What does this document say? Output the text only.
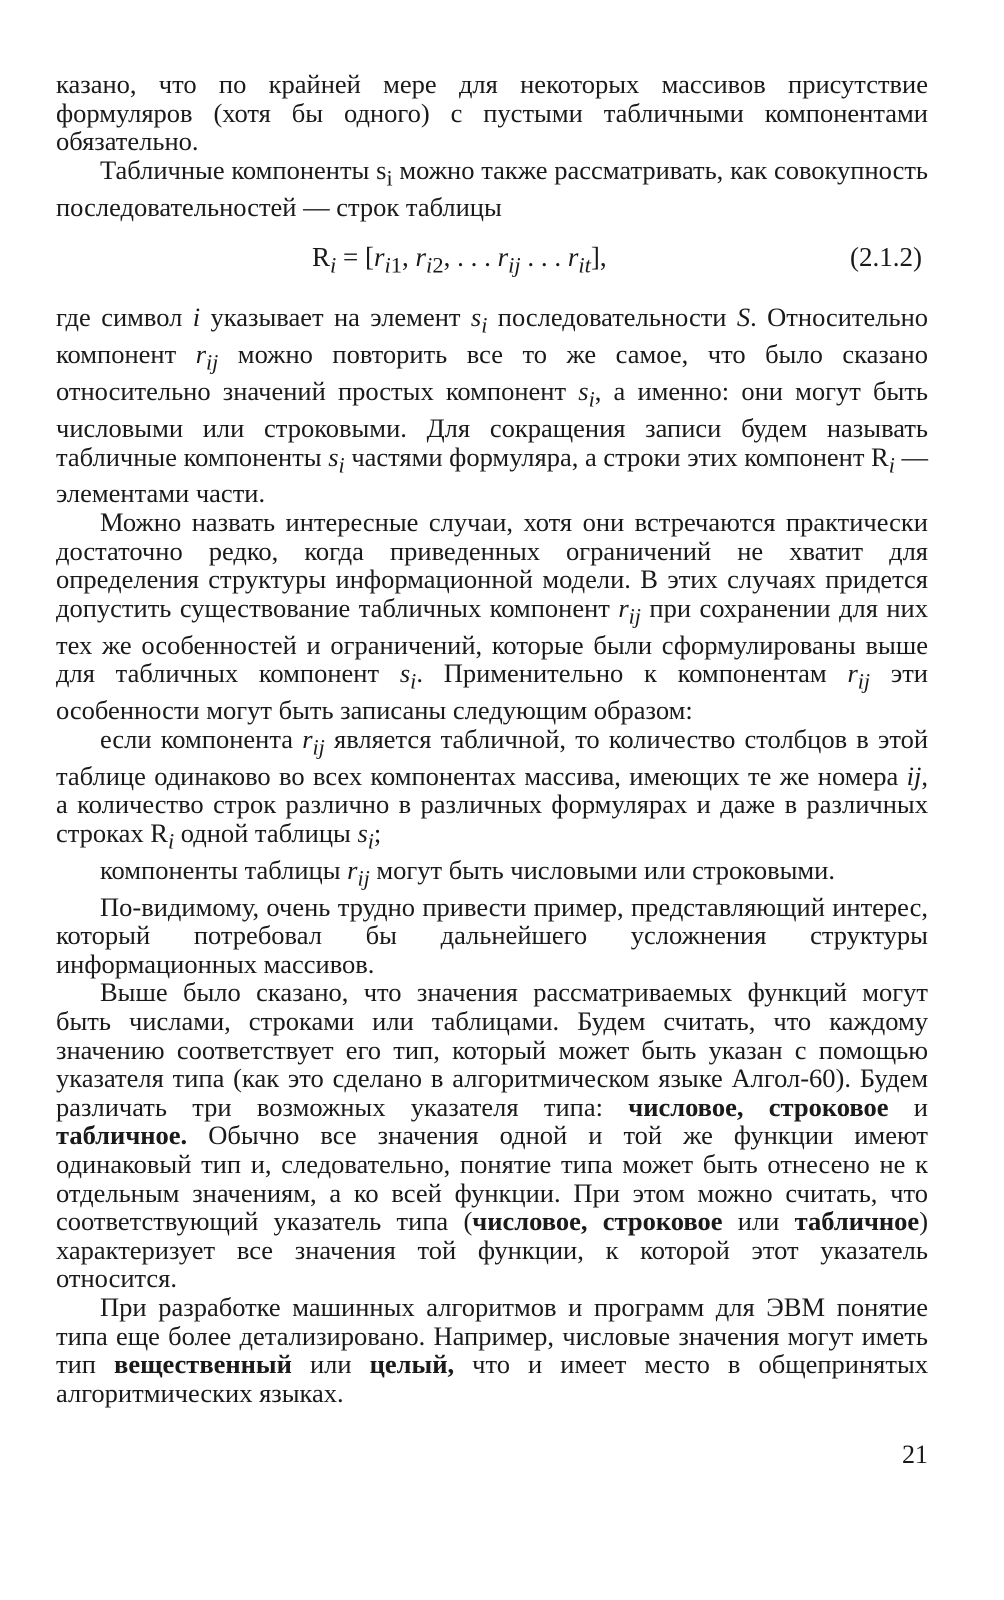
казано, что по крайней мере для некоторых массивов присутствие формуляров (хотя бы одного) с пустыми табличными компонентами обязательно.

Табличные компоненты $s_i$ можно также рассматривать, как совокупность последовательностей — строк таблицы

$R_i = [r_{i1}$, $r_{i2}$, . . . $r_{ij}$ . . . $r_{it}$],	(2.1.2)

где символ i указывает на элемент $s_i$ последовательности S. Относительно компонент $r_{ij}$ можно повторить все то же самое, что было сказано относительно значений простых компонент $s_i$, а именно: они могут быть числовыми или строковыми. Для сокращения записи будем называть табличные компоненты $s_i$ частями формуляра, а строки этих компонент $R_i$ — элементами части.

Можно назвать интересные случаи, хотя они встречаются практически достаточно редко, когда приведенных ограничений не хватит для определения структуры информационной модели. В этих случаях придется допустить существование табличных компонент $r_{ij}$ при сохранении для них тех же особенностей и ограничений, которые были сформулированы выше для табличных компонент $s_i$. Применительно к компонентам $r_{ij}$ эти особенности могут быть записаны следующим образом:

если компонента $r_{ij}$ является табличной, то количество столбцов в этой таблице одинаково во всех компонентах массива, имеющих те же номера ij, а количество строк различно в различных формулярах и даже в различных строках $R_i$ одной таблицы $s_i$;

компоненты таблицы $r_{ij}$ могут быть числовыми или строковыми.

По-видимому, очень трудно привести пример, представляющий интерес, который потребовал бы дальнейшего усложнения структуры информационных массивов.

Выше было сказано, что значения рассматриваемых функций могут быть числами, строками или таблицами. Будем считать, что каждому значению соответствует его тип, который может быть указан с помощью указателя типа (как это сделано в алгоритмическом языке Алгол-60). Будем различать три возможных указателя типа: числовое, строковое и табличное. Обычно все значения одной и той же функции имеют одинаковый тип и, следовательно, понятие типа может быть отнесено не к отдельным значениям, а ко всей функции. При этом можно считать, что соответствующий указатель типа (числовое, строковое или табличное) характеризует все значения той функции, к которой этот указатель относится.

При разработке машинных алгоритмов и программ для ЭВМ понятие типа еще более детализировано. Например, числовые значения могут иметь тип вещественный или целый, что и имеет место в общепринятых алгоритмических языках.

21
